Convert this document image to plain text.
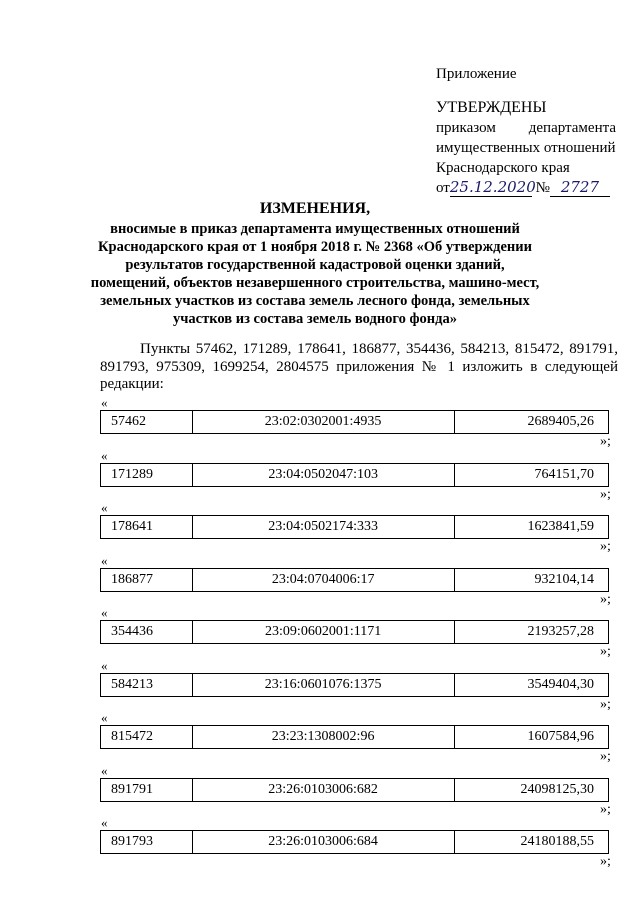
Приложение
УТВЕРЖДЕНЫ
приказом департамента
имущественных отношений
Краснодарского края
от25.12.2020 № 2727
ИЗМЕНЕНИЯ,
вносимые в приказ департамента имущественных отношений Краснодарского края от 1 ноября 2018 г. № 2368 «Об утверждении результатов государственной кадастровой оценки зданий, помещений, объектов незавершенного строительства, машино-мест, земельных участков из состава земель лесного фонда, земельных участков из состава земель водного фонда»
Пункты 57462, 171289, 178641, 186877, 354436, 584213, 815472, 891791, 891793, 975309, 1699254, 2804575 приложения № 1 изложить в следующей редакции:
«
57462	23:02:0302001:4935	2689405,26
»;
«
171289	23:04:0502047:103	764151,70
»;
«
178641	23:04:0502174:333	1623841,59
»;
«
186877	23:04:0704006:17	932104,14
»;
«
354436	23:09:0602001:1171	2193257,28
»;
«
584213	23:16:0601076:1375	3549404,30
»;
«
815472	23:23:1308002:96	1607584,96
»;
«
891791	23:26:0103006:682	24098125,30
»;
«
891793	23:26:0103006:684	24180188,55
»;
